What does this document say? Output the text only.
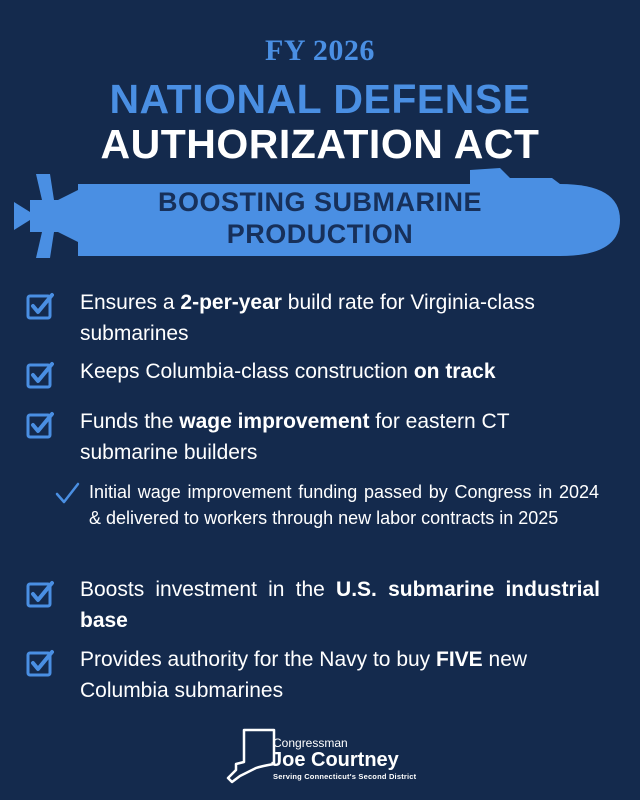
FY 2026
NATIONAL DEFENSE
AUTHORIZATION ACT
BOOSTING SUBMARINE
PRODUCTION
Ensures a 2-per-year build rate for Virginia-class submarines
Keeps Columbia-class construction on track
Funds the wage improvement for eastern CT submarine builders
Initial wage improvement funding passed by Congress in 2024 & delivered to workers through new labor contracts in 2025
Boosts investment in the U.S. submarine industrial base
Provides authority for the Navy to buy FIVE new Columbia submarines
Congressman
Joe Courtney
Serving Connecticut's Second District
